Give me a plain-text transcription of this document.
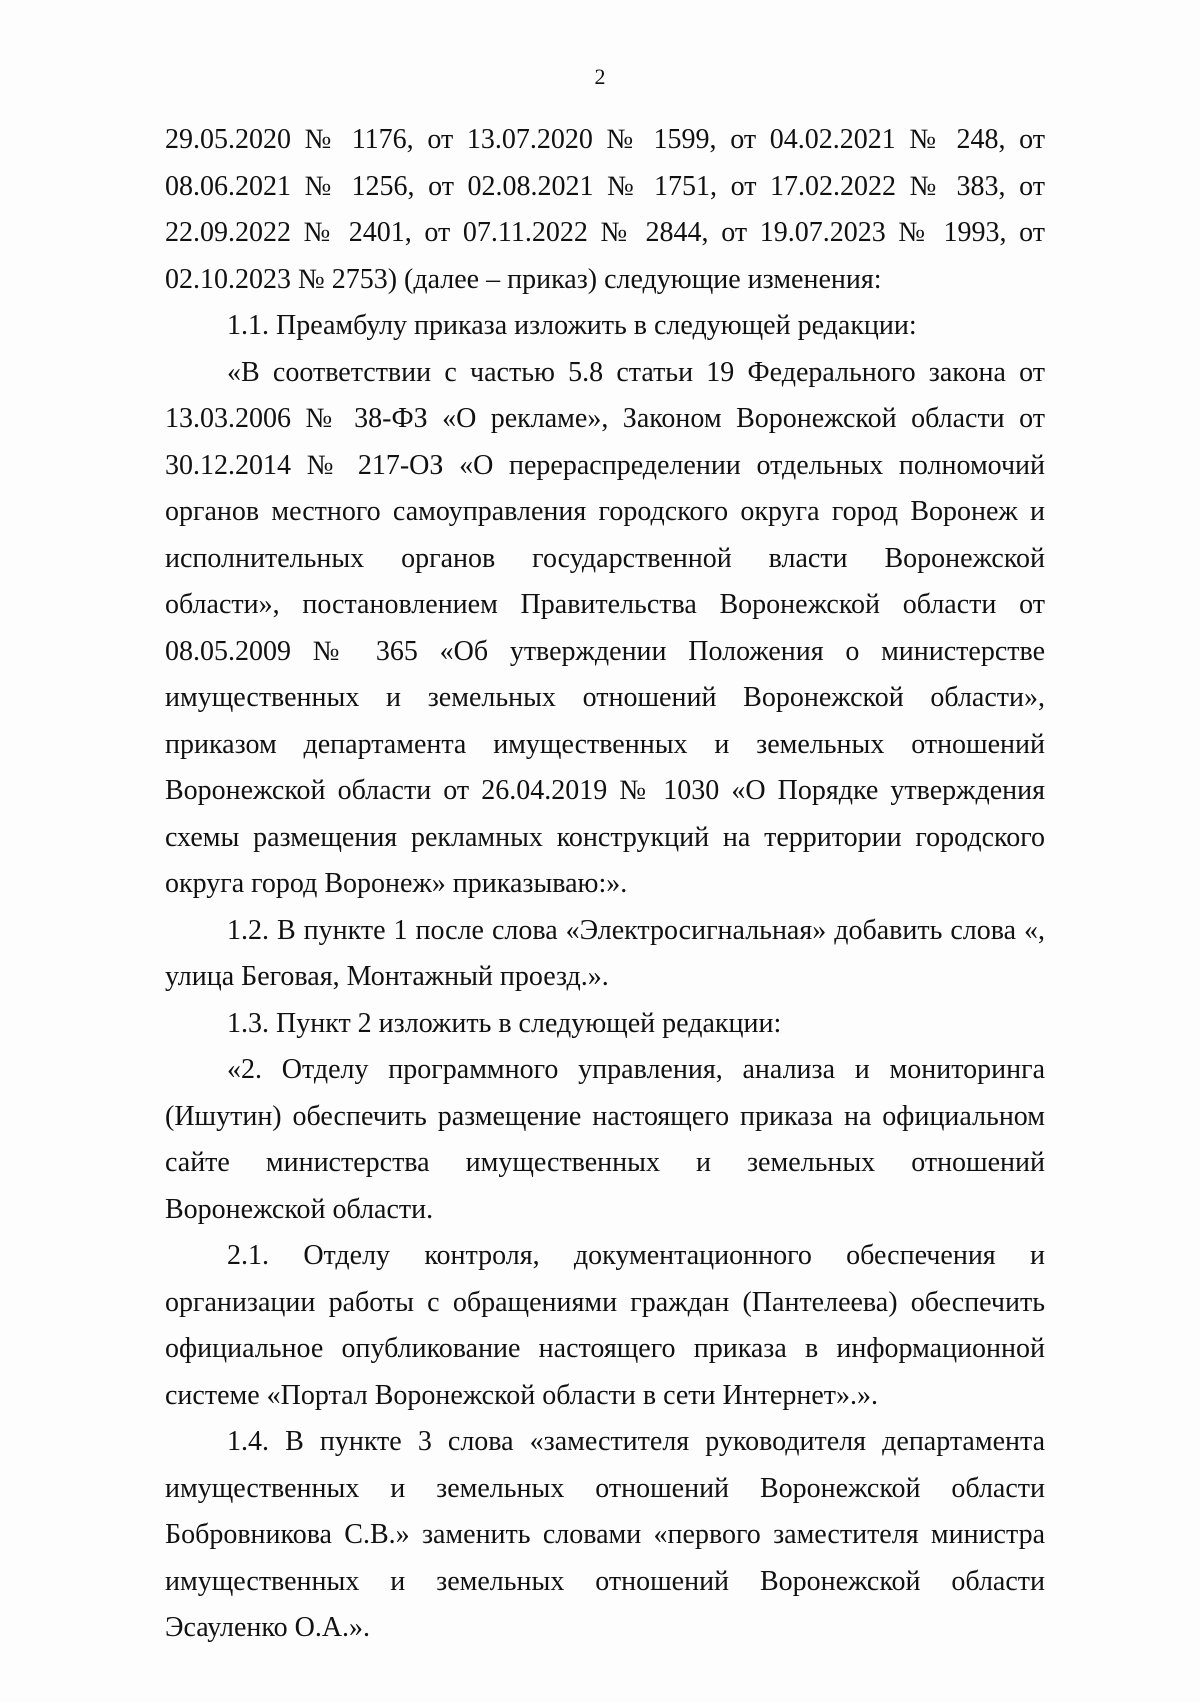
2

29.05.2020 № 1176, от 13.07.2020 № 1599, от 04.02.2021 № 248, от 08.06.2021 № 1256, от 02.08.2021 № 1751, от 17.02.2022 № 383, от 22.09.2022 № 2401, от 07.11.2022 № 2844, от 19.07.2023 № 1993, от 02.10.2023 № 2753) (далее – приказ) следующие изменения:

1.1. Преамбулу приказа изложить в следующей редакции:

«В соответствии с частью 5.8 статьи 19 Федерального закона от 13.03.2006 № 38-ФЗ «О рекламе», Законом Воронежской области от 30.12.2014 № 217-ОЗ «О перераспределении отдельных полномочий органов местного самоуправления городского округа город Воронеж и исполнительных органов государственной власти Воронежской области», постановлением Правительства Воронежской области от 08.05.2009 № 365 «Об утверждении Положения о министерстве имущественных и земельных отношений Воронежской области», приказом департамента имущественных и земельных отношений Воронежской области от 26.04.2019 № 1030 «О Порядке утверждения схемы размещения рекламных конструкций на территории городского округа город Воронеж» приказываю:».

1.2. В пункте 1 после слова «Электросигнальная» добавить слова «, улица Беговая, Монтажный проезд.».

1.3. Пункт 2 изложить в следующей редакции:

«2. Отделу программного управления, анализа и мониторинга (Ишутин) обеспечить размещение настоящего приказа на официальном сайте министерства имущественных и земельных отношений Воронежской области.

2.1. Отделу контроля, документационного обеспечения и организации работы с обращениями граждан (Пантелеева) обеспечить официальное опубликование настоящего приказа в информационной системе «Портал Воронежской области в сети Интернет».».

1.4. В пункте 3 слова «заместителя руководителя департамента имущественных и земельных отношений Воронежской области Бобровникова С.В.» заменить словами «первого заместителя министра имущественных и земельных отношений Воронежской области Эсауленко О.А.».
